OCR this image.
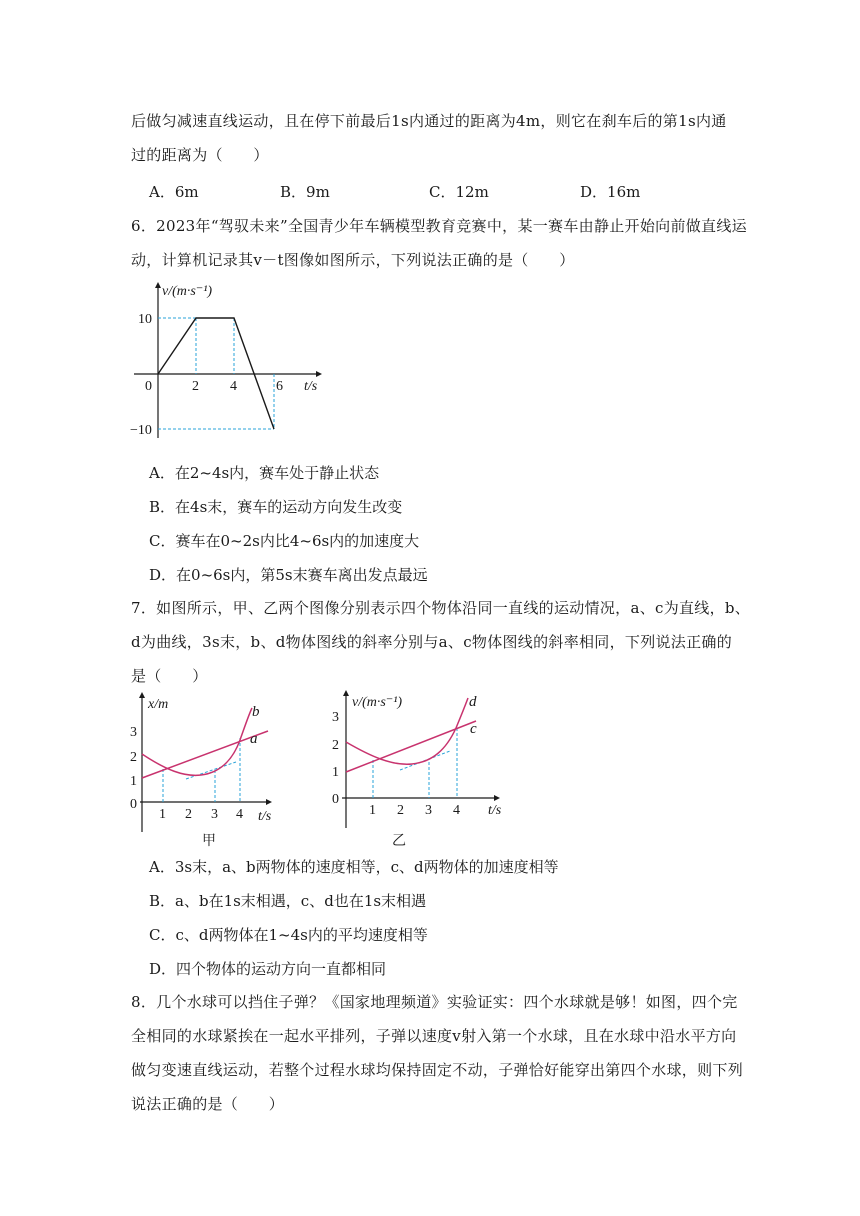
后做匀减速直线运动，且在停下前最后1s内通过的距离为4m，则它在刹车后的第1s内通
过的距离为（　　）
A．6m	B．9m	C．12m	D．16m
6．2023年“驾驭未来”全国青少年车辆模型教育竞赛中，某一赛车由静止开始向前做直线运
动，计算机记录其v－t图像如图所示，下列说法正确的是（　　）
v/(m·s⁻¹)
t/s
0
10
−10
2 4	6
A．在2~4s内，赛车处于静止状态
B．在4s末，赛车的运动方向发生改变
C．赛车在0~2s内比4~6s内的加速度大
D．在0~6s内，第5s末赛车离出发点最远
7．如图所示，甲、乙两个图像分别表示四个物体沿同一直线的运动情况，a、c为直线，b、
d为曲线，3s末，b、d物体图线的斜率分别与a、c物体图线的斜率相同，下列说法正确的
是（　　）
b
a
x/m
t/s
0
1
2
3
1 2 3 4
甲
d
c
v/(m·s⁻¹)
t/s
0
1
2
3
1 2 3 4
乙
A．3s末，a、b两物体的速度相等，c、d两物体的加速度相等
B．a、b在1s末相遇，c、d也在1s末相遇
C．c、d两物体在1~4s内的平均速度相等
D．四个物体的运动方向一直都相同
8．几个水球可以挡住子弹？《国家地理频道》实验证实：四个水球就是够！如图，四个完
全相同的水球紧挨在一起水平排列，子弹以速度v射入第一个水球，且在水球中沿水平方向
做匀变速直线运动，若整个过程水球均保持固定不动，子弹恰好能穿出第四个水球，则下列
说法正确的是（　　）
